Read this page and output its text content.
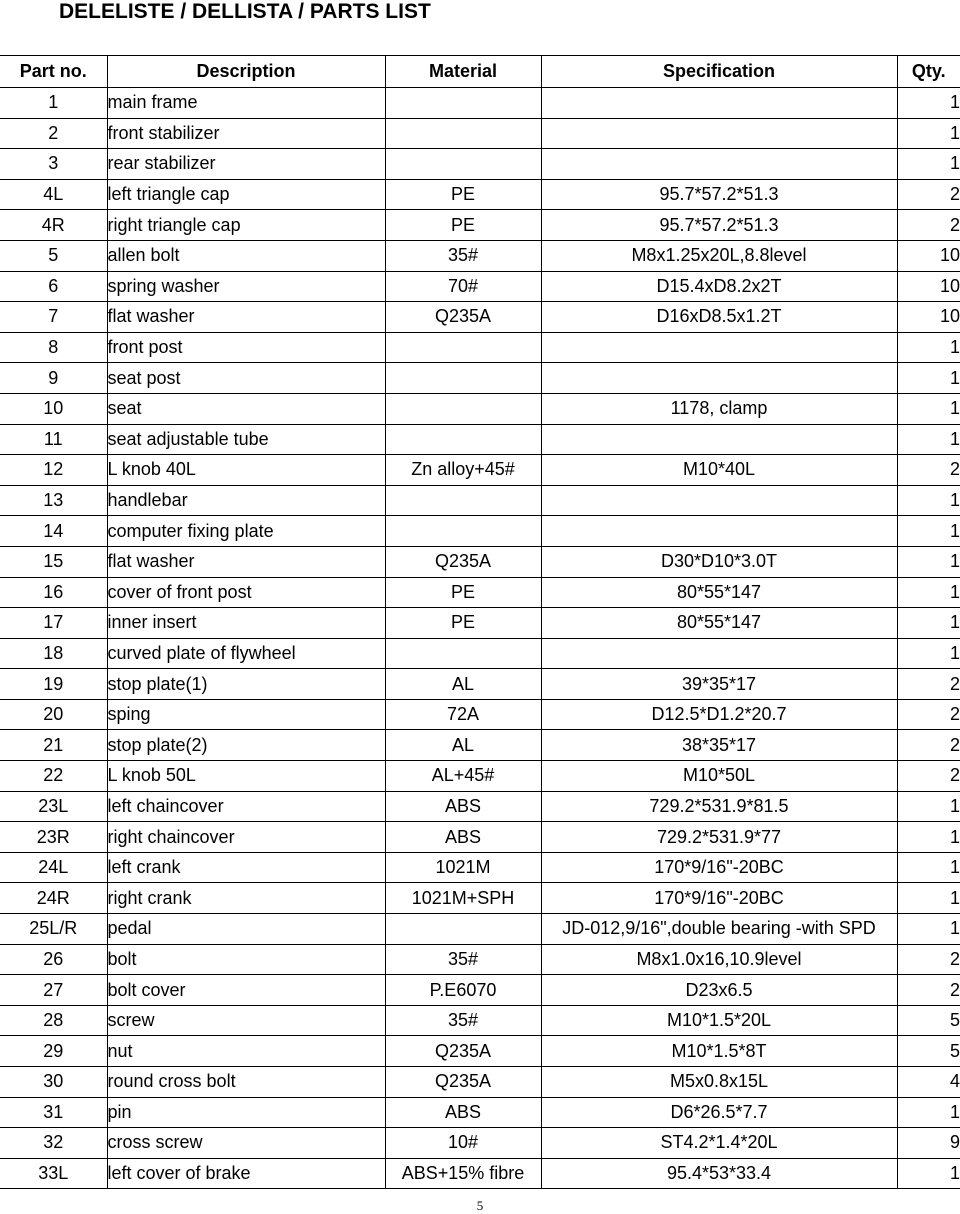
DELELISTE / DELLISTA / PARTS LIST
Part no.	Description	Material	Specification	Qty.
1	main frame			1
2	front stabilizer			1
3	rear stabilizer			1
4L	left triangle cap	PE	95.7*57.2*51.3	2
4R	right triangle cap	PE	95.7*57.2*51.3	2
5	allen bolt	35#	M8x1.25x20L,8.8level	10
6	spring washer	70#	D15.4xD8.2x2T	10
7	flat washer	Q235A	D16xD8.5x1.2T	10
8	front post			1
9	seat post			1
10	seat		1178, clamp	1
11	seat adjustable tube			1
12	L knob 40L	Zn alloy+45#	M10*40L	2
13	handlebar			1
14	computer fixing plate			1
15	flat washer	Q235A	D30*D10*3.0T	1
16	cover of front post	PE	80*55*147	1
17	inner insert	PE	80*55*147	1
18	curved plate of flywheel			1
19	stop plate(1)	AL	39*35*17	2
20	sping	72A	D12.5*D1.2*20.7	2
21	stop plate(2)	AL	38*35*17	2
22	L knob 50L	AL+45#	M10*50L	2
23L	left chaincover	ABS	729.2*531.9*81.5	1
23R	right chaincover	ABS	729.2*531.9*77	1
24L	left crank	1021M	170*9/16"-20BC	1
24R	right crank	1021M+SPH	170*9/16"-20BC	1
25L/R	pedal		JD-012,9/16",double bearing -with SPD	1
26	bolt	35#	M8x1.0x16,10.9level	2
27	bolt cover	P.E6070	D23x6.5	2
28	screw	35#	M10*1.5*20L	5
29	nut	Q235A	M10*1.5*8T	5
30	round cross bolt	Q235A	M5x0.8x15L	4
31	pin	ABS	D6*26.5*7.7	1
32	cross screw	10#	ST4.2*1.4*20L	9
33L	left cover of brake	ABS+15% fibre	95.4*53*33.4	1
5
